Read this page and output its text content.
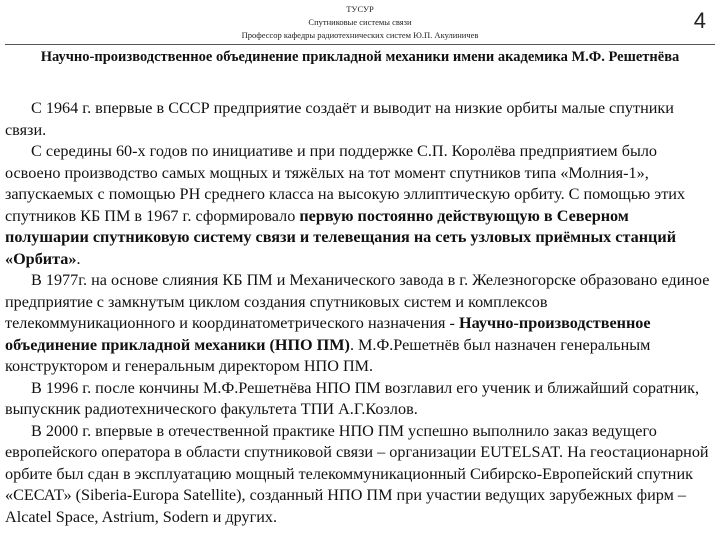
ТУСУР
Спутниковые системы связи
Профессор кафедры радиотехнических систем Ю.П. Акулиничев
4
Научно-производственное объединение прикладной механики имени академика М.Ф. Решетнёва

С 1964 г. впервые в СССР предприятие создаёт и выводит на низкие орбиты малые спутники связи.

С середины 60-х годов по инициативе и при поддержке С.П. Королёва предприятием было освоено производство самых мощных и тяжёлых на тот момент спутников типа «Молния-1», запускаемых с помощью РН среднего класса на высокую эллиптическую орбиту. С помощью этих спутников КБ ПМ в 1967 г. сформировало первую постоянно действующую в Северном полушарии спутниковую систему связи и телевещания на сеть узловых приёмных станций «Орбита».

В 1977г. на основе слияния КБ ПМ и Механического завода в г. Железногорске образовано единое предприятие с замкнутым циклом создания спутниковых систем и комплексов телекоммуникационного и координатометрического назначения - Научно-производственное объединение прикладной механики (НПО ПМ). М.Ф.Решетнёв был назначен генеральным конструктором и генеральным директором НПО ПМ.

В 1996 г. после кончины М.Ф.Решетнёва НПО ПМ возглавил его ученик и ближайший соратник, выпускник радиотехнического факультета ТПИ А.Г.Козлов.

В 2000 г. впервые в отечественной практике НПО ПМ успешно выполнило заказ ведущего европейского оператора в области спутниковой связи – организации EUTELSAT. На геостационарной орбите был сдан в эксплуатацию мощный телекоммуникационный Сибирско-Европейский спутник «СЕСАТ» (Siberia-Europa Satellite), созданный НПО ПМ при участии ведущих зарубежных фирм – Alcatel Space, Astrium, Sodern и других.
